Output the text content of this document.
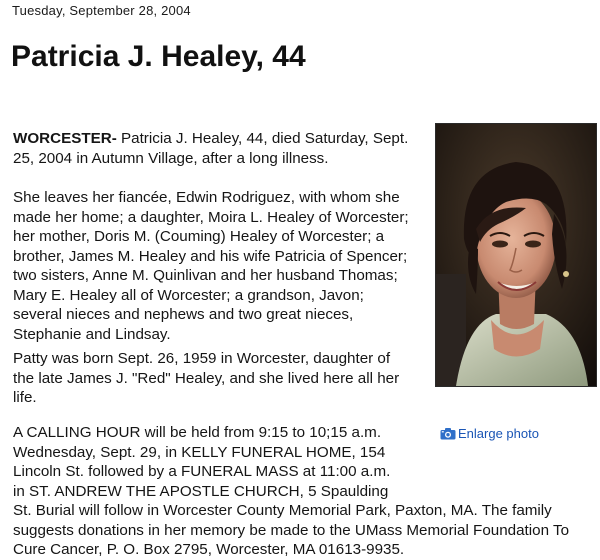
Tuesday, September 28, 2004
Patricia J. Healey, 44
WORCESTER- Patricia J. Healey, 44, died Saturday, Sept. 25, 2004 in Autumn Village, after a long illness.
She leaves her fiancée, Edwin Rodriguez, with whom she made her home; a daughter, Moira L. Healey of Worcester; her mother, Doris M. (Couming) Healey of Worcester; a brother, James M. Healey and his wife Patricia of Spencer; two sisters, Anne M. Quinlivan and her husband Thomas; Mary E. Healey all of Worcester; a grandson, Javon; several nieces and nephews and two great nieces, Stephanie and Lindsay.
Patty was born Sept. 26, 1959 in Worcester, daughter of the late James J. "Red" Healey, and she lived here all her life.
A CALLING HOUR will be held from 9:15 to 10;15 a.m.
Wednesday, Sept. 29, in KELLY FUNERAL HOME, 154
Lincoln St. followed by a FUNERAL MASS at 11:00 a.m.
in ST. ANDREW THE APOSTLE CHURCH, 5 Spaulding
St. Burial will follow in Worcester County Memorial Park, Paxton, MA. The family
suggests donations in her memory be made to the UMass Memorial Foundation To
Cure Cancer, P. O. Box 2795, Worcester, MA 01613-9935.
Enlarge photo
